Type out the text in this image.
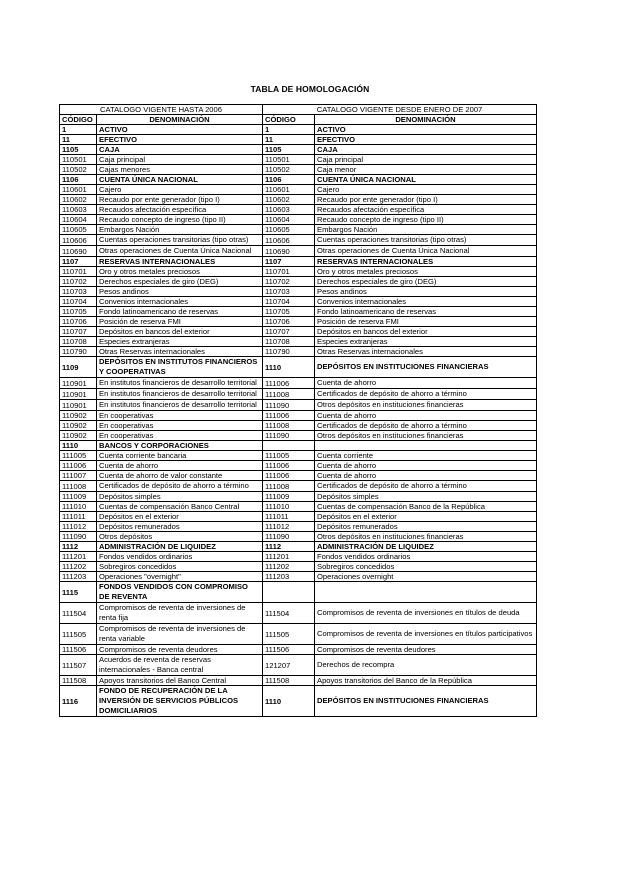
TABLA DE HOMOLOGACIÓN
CATALOGO VIGENTE HASTA 2006		CATALOGO VIGENTE DESDE ENERO DE 2007	
CÓDIGO	DENOMINACIÓN	CÓDIGO	DENOMINACIÓN
1	ACTIVO	1	ACTIVO
11	EFECTIVO	11	EFECTIVO
1105	CAJA	1105	CAJA
110501	Caja principal	110501	Caja principal
110502	Cajas menores	110502	Caja menor
1106	CUENTA ÚNICA NACIONAL	1106	CUENTA ÚNICA NACIONAL
110601	Cajero	110601	Cajero
110602	Recaudo por ente generador (tipo I)	110602	Recaudo por ente generador (tipo I)
110603	Recaudos afectación específica	110603	Recaudos afectación específica
110604	Recaudo concepto de ingreso (tipo II)	110604	Recaudo concepto de ingreso (tipo II)
110605	Embargos Nación	110605	Embargos Nación
110606	Cuentas operaciones transitorias (tipo otras)	110606	Cuentas operaciones transitorias (tipo otras)
110690	Otras operaciones de Cuenta Única Nacional	110690	Otras operaciones de Cuenta Única Nacional
1107	RESERVAS INTERNACIONALES	1107	RESERVAS INTERNACIONALES
110701	Oro y otros metales preciosos	110701	Oro y otros metales preciosos
110702	Derechos especiales de giro (DEG)	110702	Derechos especiales de giro (DEG)
110703	Pesos andinos	110703	Pesos andinos
110704	Convenios internacionales	110704	Convenios internacionales
110705	Fondo latinoamericano de reservas	110705	Fondo latinoamericano de reservas
110706	Posición de reserva FMI	110706	Posición de reserva FMI
110707	Depósitos en bancos del exterior	110707	Depósitos en bancos del exterior
110708	Especies extranjeras	110708	Especies extranjeras
110790	Otras Reservas internacionales	110790	Otras Reservas internacionales
1109	DEPÓSITOS EN INSTITUTOS FINANCIEROS Y COOPERATIVAS	1110	DEPÓSITOS EN INSTITUCIONES FINANCIERAS
110901	En institutos financieros de desarrollo territorial	111006	Cuenta de ahorro
110901	En institutos financieros de desarrollo territorial	111008	Certificados de depósito de ahorro a término
110901	En institutos financieros de desarrollo territorial	111090	Otros depósitos en instituciones financieras
110902	En cooperativas	111006	Cuenta de ahorro
110902	En cooperativas	111008	Certificados de depósito de ahorro a término
110902	En cooperativas	111090	Otros depósitos en instituciones financieras
1110	BANCOS Y CORPORACIONES		
111005	Cuenta corriente bancaria	111005	Cuenta corriente
111006	Cuenta de ahorro	111006	Cuenta de ahorro
111007	Cuenta de ahorro de valor constante	111006	Cuenta de ahorro
111008	Certificados de depósito de ahorro a término	111008	Certificados de depósito de ahorro a término
111009	Depósitos simples	111009	Depósitos simples
111010	Cuentas de compensación Banco Central	111010	Cuentas de compensación Banco de la República
111011	Depósitos en el exterior	111011	Depósitos en el exterior
111012	Depósitos remunerados	111012	Depósitos remunerados
111090	Otros depósitos	111090	Otros depósitos en instituciones financieras
1112	ADMINISTRACIÓN DE LIQUIDEZ	1112	ADMINISTRACIÓN DE LIQUIDEZ
111201	Fondos vendidos ordinarios	111201	Fondos vendidos ordinarios
111202	Sobregiros concedidos	111202	Sobregiros concedidos
111203	Operaciones "overnight"	111203	Operaciones overnight
1115	FONDOS VENDIDOS CON COMPROMISO DE REVENTA		
111504	Compromisos de reventa de inversiones de renta fija	111504	Compromisos de reventa de inversiones en títulos de deuda
111505	Compromisos de reventa de inversiones de renta variable	111505	Compromisos de reventa de inversiones en títulos participativos
111506	Compromisos de reventa deudores	111506	Compromisos de reventa deudores
111507	Acuerdos de reventa de reservas internacionales - Banca central	121207	Derechos de recompra
111508	Apoyos transitorios del Banco Central	111508	Apoyos transitorios del Banco de la República
1116	FONDO DE RECUPERACIÓN DE LA INVERSIÓN DE SERVICIOS PÚBLICOS DOMICILIARIOS	1110	DEPÓSITOS EN INSTITUCIONES FINANCIERAS
